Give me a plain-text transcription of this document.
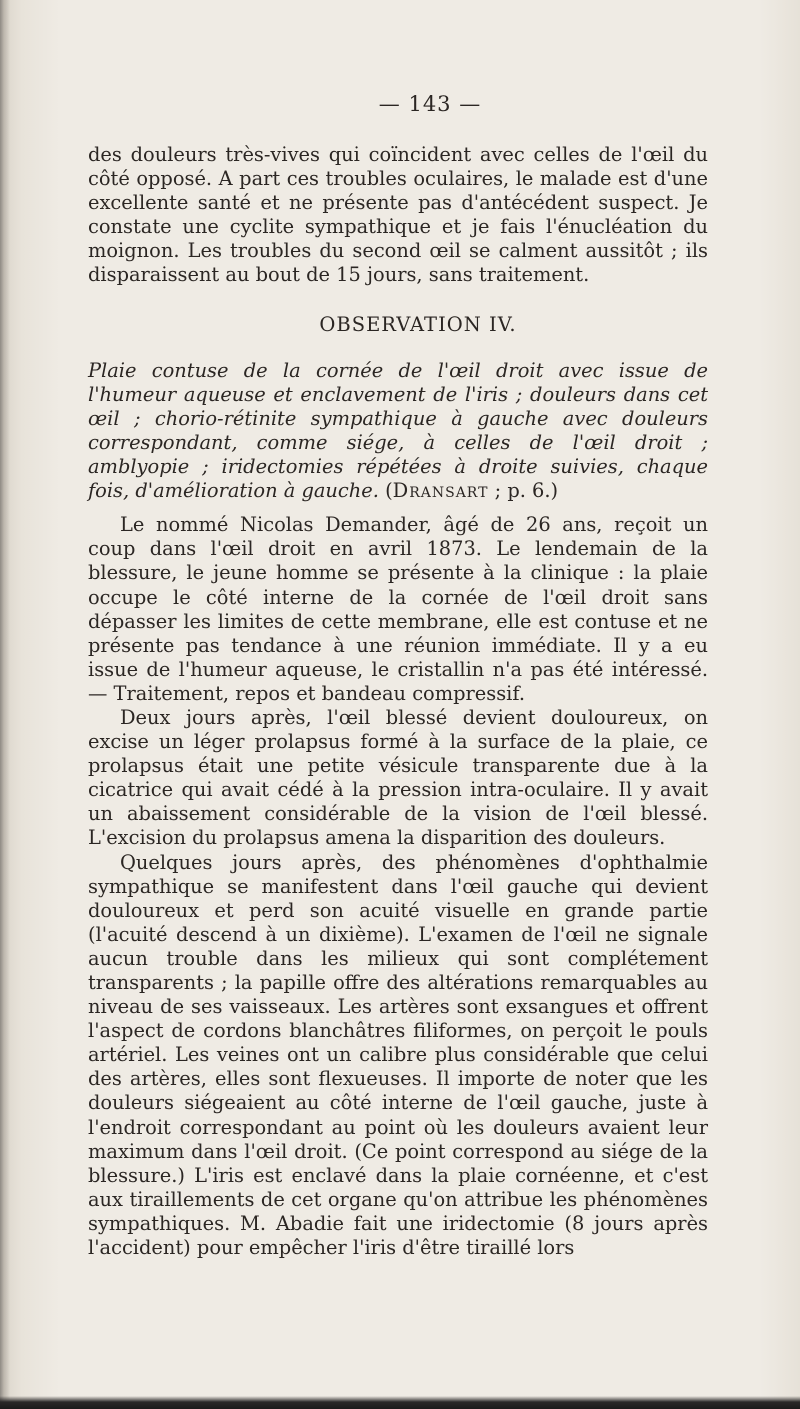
— 143 —

des douleurs très-vives qui coïncident avec celles de l'œil du côté opposé. A part ces troubles oculaires, le malade est d'une excellente santé et ne présente pas d'antécédent suspect. Je constate une cyclite sympathique et je fais l'énucléation du moignon. Les troubles du second œil se calment aussitôt ; ils disparaissent au bout de 15 jours, sans traitement.

OBSERVATION IV.

Plaie contuse de la cornée de l'œil droit avec issue de l'humeur aqueuse et enclavement de l'iris ; douleurs dans cet œil ; chorio-rétinite sympathique à gauche avec douleurs correspondant, comme siége, à celles de l'œil droit ; amblyopie ; iridectomies répétées à droite suivies, chaque fois, d'amélioration à gauche. (Dransart ; p. 6.)

Le nommé Nicolas Demander, âgé de 26 ans, reçoit un coup dans l'œil droit en avril 1873. Le lendemain de la blessure, le jeune homme se présente à la clinique : la plaie occupe le côté interne de la cornée de l'œil droit sans dépasser les limites de cette membrane, elle est contuse et ne présente pas tendance à une réunion immédiate. Il y a eu issue de l'humeur aqueuse, le cristallin n'a pas été intéressé. — Traitement, repos et bandeau compressif.

Deux jours après, l'œil blessé devient douloureux, on excise un léger prolapsus formé à la surface de la plaie, ce prolapsus était une petite vésicule transparente due à la cicatrice qui avait cédé à la pression intra-oculaire. Il y avait un abaissement considérable de la vision de l'œil blessé. L'excision du prolapsus amena la disparition des douleurs.

Quelques jours après, des phénomènes d'ophthalmie sympathique se manifestent dans l'œil gauche qui devient douloureux et perd son acuité visuelle en grande partie (l'acuité descend à un dixième). L'examen de l'œil ne signale aucun trouble dans les milieux qui sont complétement transparents ; la papille offre des altérations remarquables au niveau de ses vaisseaux. Les artères sont exsangues et offrent l'aspect de cordons blanchâtres filiformes, on perçoit le pouls artériel. Les veines ont un calibre plus considérable que celui des artères, elles sont flexueuses. Il importe de noter que les douleurs siégeaient au côté interne de l'œil gauche, juste à l'endroit correspondant au point où les douleurs avaient leur maximum dans l'œil droit. (Ce point correspond au siége de la blessure.) L'iris est enclavé dans la plaie cornéenne, et c'est aux tiraillements de cet organe qu'on attribue les phénomènes sympathiques. M. Abadie fait une iridectomie (8 jours après l'accident) pour empêcher l'iris d'être tiraillé lors
